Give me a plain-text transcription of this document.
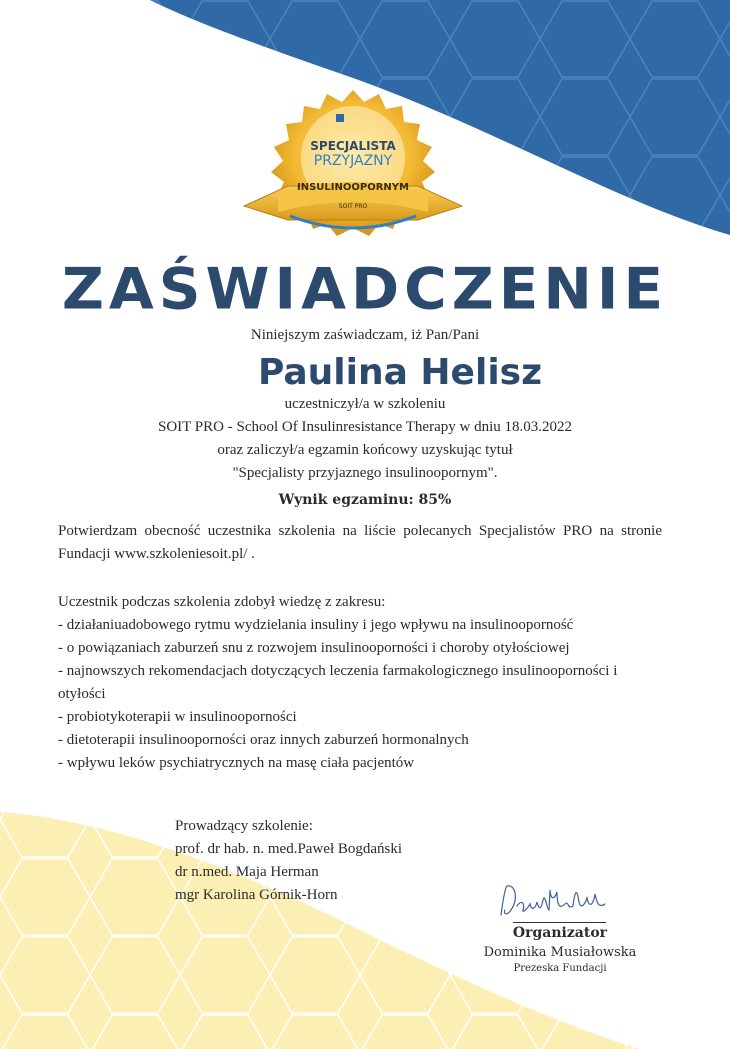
SPECJALISTA
PRZYJAZNY
INSULINOOPORNYM
SOIT PRO
ZAŚWIADCZENIE
Niniejszym zaświadczam, iż Pan/Pani
Paulina Helisz
uczestniczył/a w szkoleniu
SOIT PRO - School Of Insulinresistance Therapy w dniu 18.03.2022
oraz zaliczył/a egzamin końcowy uzyskując tytuł
"Specjalisty przyjaznego insulinoopornym".
Wynik egzaminu: 85%
Potwierdzam obecność uczestnika szkolenia na liście polecanych Specjalistów PRO na stronie Fundacji www.szkoleniesoit.pl/ .
Uczestnik podczas szkolenia zdobył wiedzę z zakresu:
- działaniuadobowego rytmu wydzielania insuliny i jego wpływu na insulinooporność
- o powiązaniach zaburzeń snu z rozwojem insulinooporności i choroby otyłościowej
- najnowszych rekomendacjach dotyczących leczenia farmakologicznego insulinooporności i otyłości
- probiotykoterapii w insulinooporności
- dietoterapii insulinooporności oraz innych zaburzeń hormonalnych
- wpływu leków psychiatrycznych na masę ciała pacjentów
Prowadzący szkolenie:
prof. dr hab. n. med.Paweł Bogdański
dr n.med. Maja Herman
mgr Karolina Górnik-Horn
Organizator
Dominika Musiałowska
Prezeska Fundacji
